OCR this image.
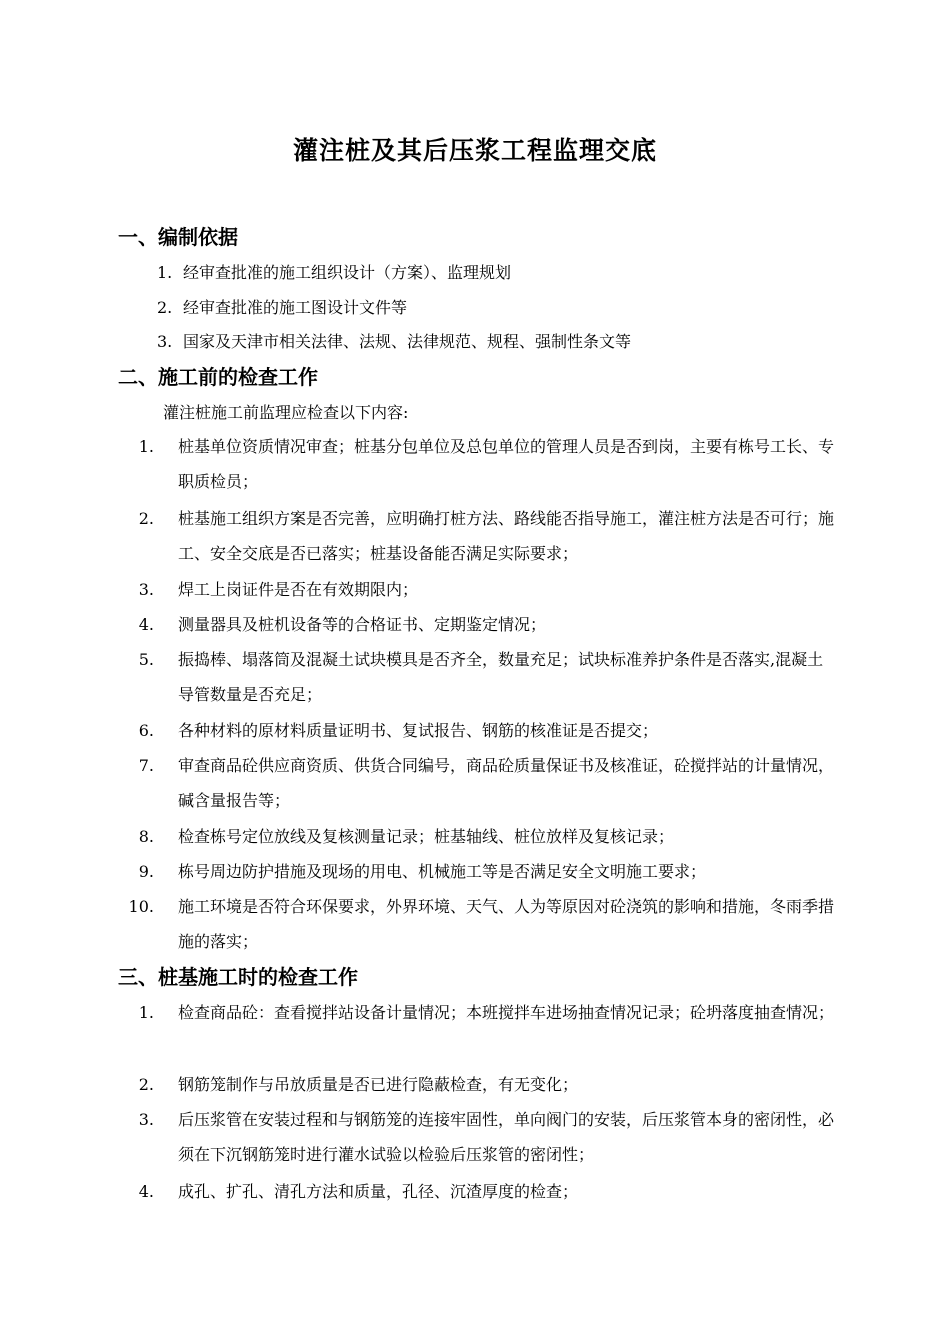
灌注桩及其后压浆工程监理交底
一、编制依据
1. 经审查批准的施工组织设计（方案）、监理规划
2. 经审查批准的施工图设计文件等
3. 国家及天津市相关法律、法规、法律规范、规程、强制性条文等
二、施工前的检查工作
灌注桩施工前监理应检查以下内容:
1. 桩基单位资质情况审查；桩基分包单位及总包单位的管理人员是否到岗，主要有栋号工长、专职质检员；
2. 桩基施工组织方案是否完善，应明确打桩方法、路线能否指导施工，灌注桩方法是否可行；施工、安全交底是否已落实；桩基设备能否满足实际要求；
3. 焊工上岗证件是否在有效期限内；
4. 测量器具及桩机设备等的合格证书、定期鉴定情况；
5. 振捣棒、塌落筒及混凝土试块模具是否齐全，数量充足；试块标准养护条件是否落实,混凝土导管数量是否充足；
6. 各种材料的原材料质量证明书、复试报告、钢筋的核准证是否提交；
7. 审查商品砼供应商资质、供货合同编号，商品砼质量保证书及核准证，砼搅拌站的计量情况，碱含量报告等；
8. 检查栋号定位放线及复核测量记录；桩基轴线、桩位放样及复核记录；
9. 栋号周边防护措施及现场的用电、机械施工等是否满足安全文明施工要求；
10. 施工环境是否符合环保要求，外界环境、天气、人为等原因对砼浇筑的影响和措施，冬雨季措施的落实；
三、桩基施工时的检查工作
1. 检查商品砼：查看搅拌站设备计量情况；本班搅拌车进场抽查情况记录；砼坍落度抽查情况；
2. 钢筋笼制作与吊放质量是否已进行隐蔽检查，有无变化；
3. 后压浆管在安装过程和与钢筋笼的连接牢固性，单向阀门的安装，后压浆管本身的密闭性，必须在下沉钢筋笼时进行灌水试验以检验后压浆管的密闭性；
4. 成孔、扩孔、清孔方法和质量，孔径、沉渣厚度的检查；
